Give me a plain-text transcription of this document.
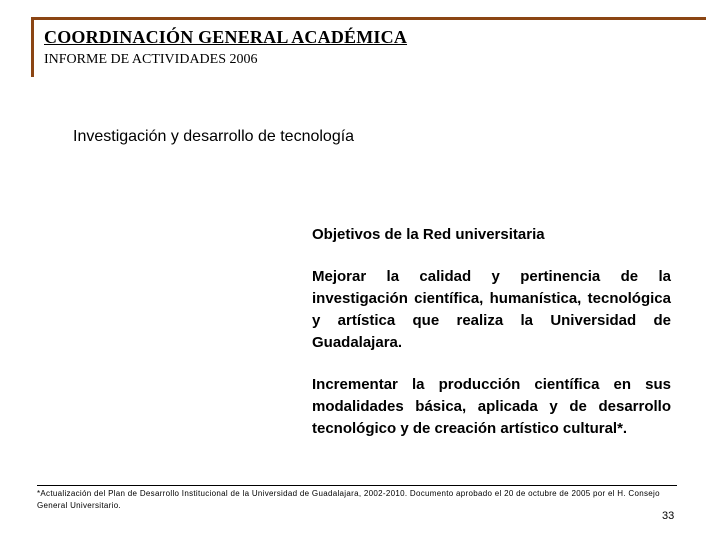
COORDINACIÓN GENERAL ACADÉMICA
INFORME DE ACTIVIDADES 2006
Investigación y desarrollo de tecnología

Objetivos de la Red universitaria

Mejorar la calidad y pertinencia de la investigación científica, humanística, tecnológica y artística que realiza la Universidad de Guadalajara.

Incrementar la producción científica en sus modalidades básica, aplicada y de desarrollo tecnológico y de creación artístico cultural*.

*Actualización del Plan de Desarrollo Institucional de la Universidad de Guadalajara, 2002-2010. Documento aprobado el 20 de octubre de 2005 por el H. Consejo General Universitario.
33
